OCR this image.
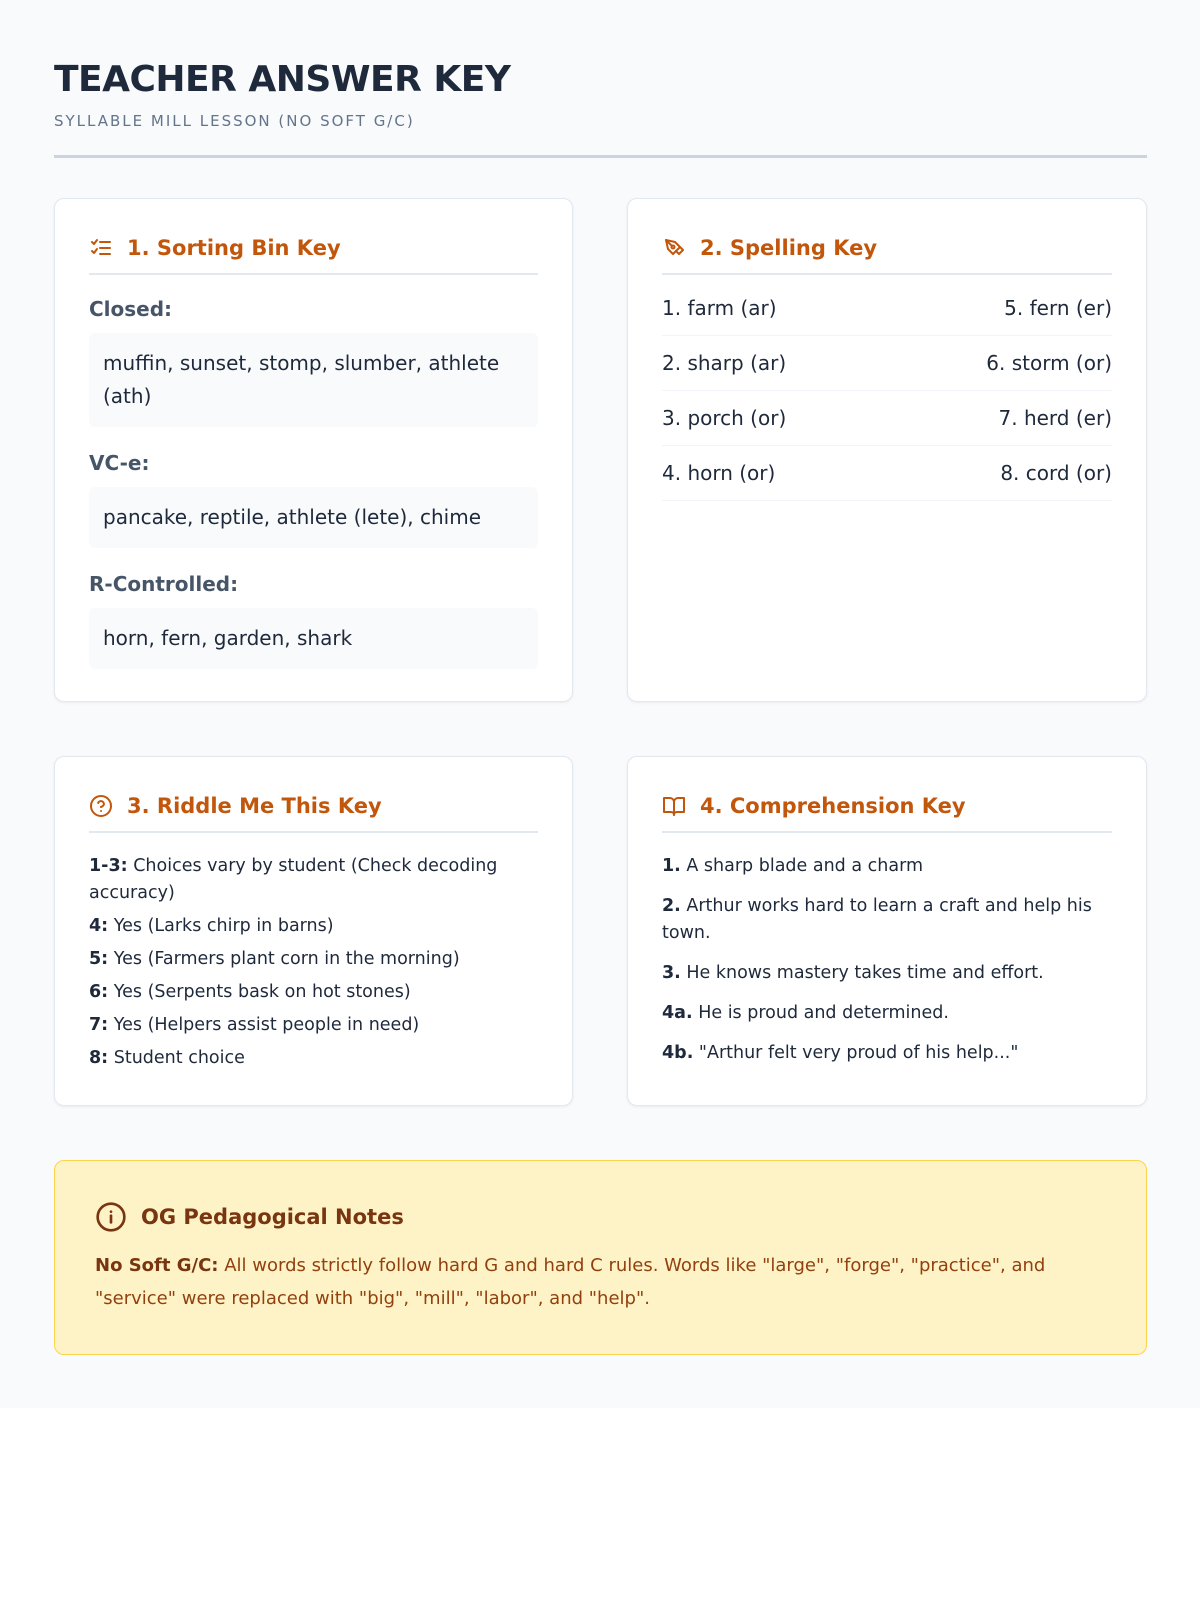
TEACHER ANSWER KEY
SYLLABLE MILL LESSON (NO SOFT G/C)
1. Sorting Bin Key
Closed:
muffin, sunset, stomp, slumber, athlete (ath)
VC-e:
pancake, reptile, athlete (lete), chime
R-Controlled:
horn, fern, garden, shark
2. Spelling Key
1. farm (ar)	5. fern (er)
2. sharp (ar)	6. storm (or)
3. porch (or)	7. herd (er)
4. horn (or)	8. cord (or)
3. Riddle Me This Key
1-3: Choices vary by student (Check decoding accuracy)
4: Yes (Larks chirp in barns)
5: Yes (Farmers plant corn in the morning)
6: Yes (Serpents bask on hot stones)
7: Yes (Helpers assist people in need)
8: Student choice
4. Comprehension Key
1. A sharp blade and a charm
2. Arthur works hard to learn a craft and help his town.
3. He knows mastery takes time and effort.
4a. He is proud and determined.
4b. "Arthur felt very proud of his help..."
OG Pedagogical Notes
No Soft G/C: All words strictly follow hard G and hard C rules. Words like "large", "forge", "practice", and "service" were replaced with "big", "mill", "labor", and "help".
